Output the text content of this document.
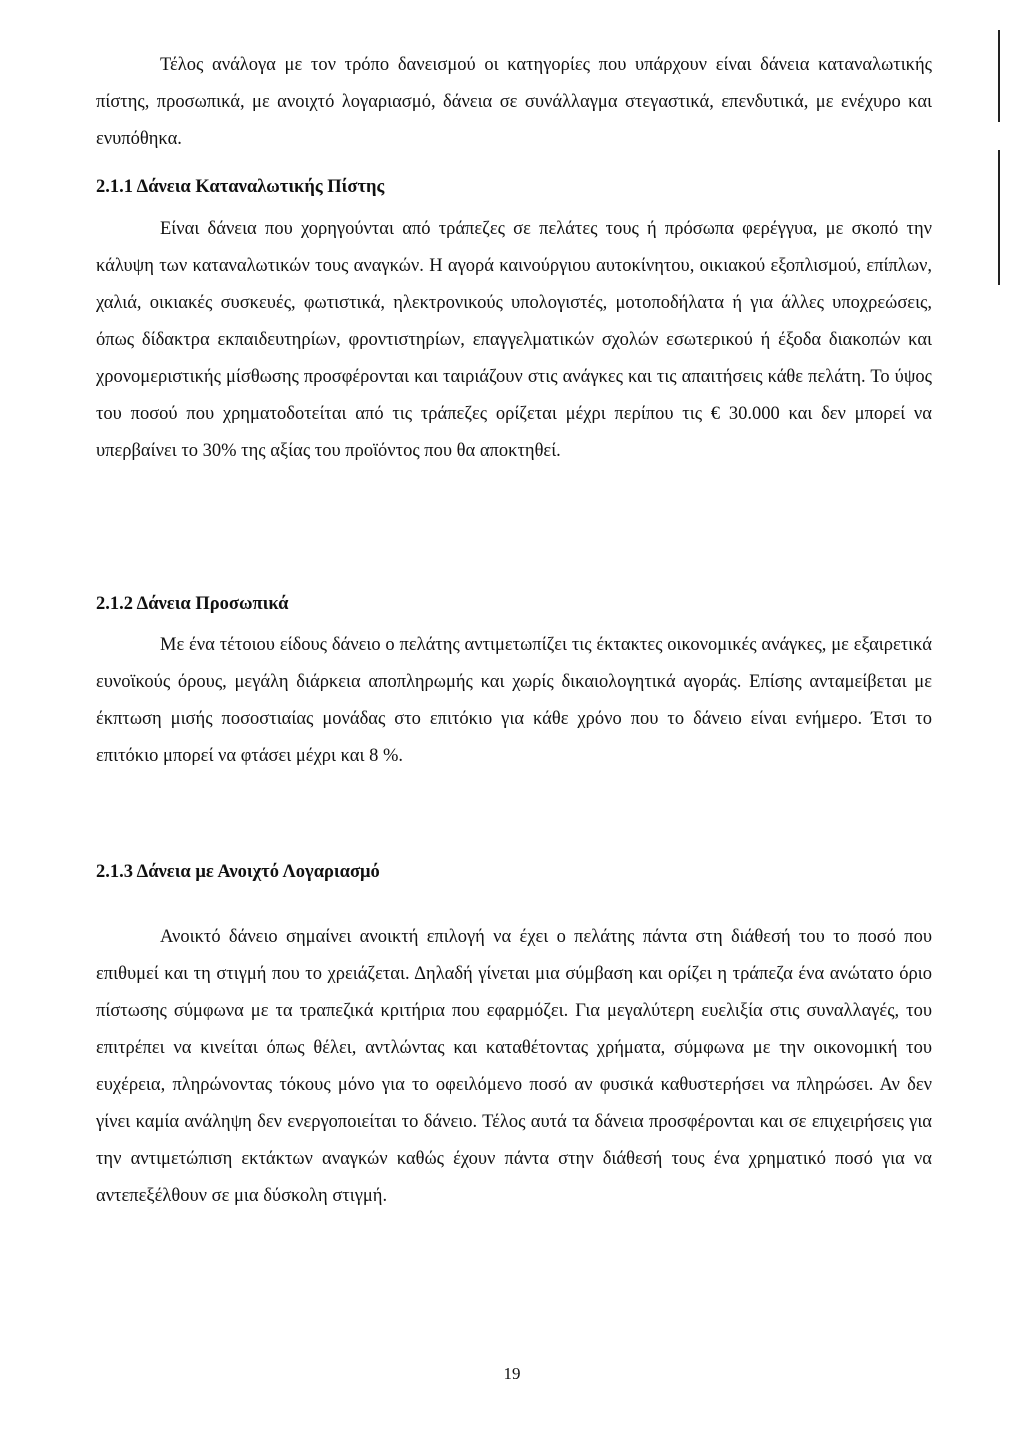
Τέλος ανάλογα με τον τρόπο δανεισμού οι κατηγορίες που υπάρχουν είναι δάνεια καταναλωτικής πίστης, προσωπικά, με ανοιχτό λογαριασμό, δάνεια σε συνάλλαγμα στεγαστικά, επενδυτικά, με ενέχυρο και ενυπόθηκα.

2.1.1 Δάνεια Καταναλωτικής Πίστης

Είναι δάνεια που χορηγούνται από τράπεζες σε πελάτες τους ή πρόσωπα φερέγγυα, με σκοπό την κάλυψη των καταναλωτικών τους αναγκών. Η αγορά καινούργιου αυτοκίνητου, οικιακού εξοπλισμού, επίπλων, χαλιά, οικιακές συσκευές, φωτιστικά, ηλεκτρονικούς υπολογιστές, μοτοποδήλατα ή για άλλες υποχρεώσεις, όπως δίδακτρα εκπαιδευτηρίων, φροντιστηρίων, επαγγελματικών σχολών εσωτερικού ή έξοδα διακοπών και χρονομεριστικής μίσθωσης προσφέρονται και ταιριάζουν στις ανάγκες και τις απαιτήσεις κάθε πελάτη. Το ύψος του ποσού που χρηματοδοτείται από τις τράπεζες ορίζεται μέχρι περίπου τις € 30.000 και δεν μπορεί να υπερβαίνει το 30% της αξίας του προϊόντος που θα αποκτηθεί.

2.1.2 Δάνεια Προσωπικά

Με ένα τέτοιου είδους δάνειο ο πελάτης αντιμετωπίζει τις έκτακτες οικονομικές ανάγκες, με εξαιρετικά ευνοϊκούς όρους, μεγάλη διάρκεια αποπληρωμής και χωρίς δικαιολογητικά αγοράς. Επίσης ανταμείβεται με έκπτωση μισής ποσοστιαίας μονάδας στο επιτόκιο για κάθε χρόνο που το δάνειο είναι ενήμερο. Έτσι το επιτόκιο μπορεί να φτάσει μέχρι και 8 %.

2.1.3 Δάνεια με Ανοιχτό Λογαριασμό

Ανοικτό δάνειο σημαίνει ανοικτή επιλογή να έχει ο πελάτης πάντα στη διάθεσή του το ποσό που επιθυμεί και τη στιγμή που το χρειάζεται. Δηλαδή γίνεται μια σύμβαση και ορίζει η τράπεζα ένα ανώτατο όριο πίστωσης σύμφωνα με τα τραπεζικά κριτήρια που εφαρμόζει. Για μεγαλύτερη ευελιξία στις συναλλαγές, του επιτρέπει να κινείται όπως θέλει, αντλώντας και καταθέτοντας χρήματα, σύμφωνα με την οικονομική του ευχέρεια, πληρώνοντας τόκους μόνο για το οφειλόμενο ποσό αν φυσικά καθυστερήσει να πληρώσει. Αν δεν γίνει καμία ανάληψη δεν ενεργοποιείται το δάνειο. Τέλος αυτά τα δάνεια προσφέρονται και σε επιχειρήσεις για την αντιμετώπιση εκτάκτων αναγκών καθώς έχουν πάντα στην διάθεσή τους ένα χρηματικό ποσό για να αντεπεξέλθουν σε μια δύσκολη στιγμή.

19
